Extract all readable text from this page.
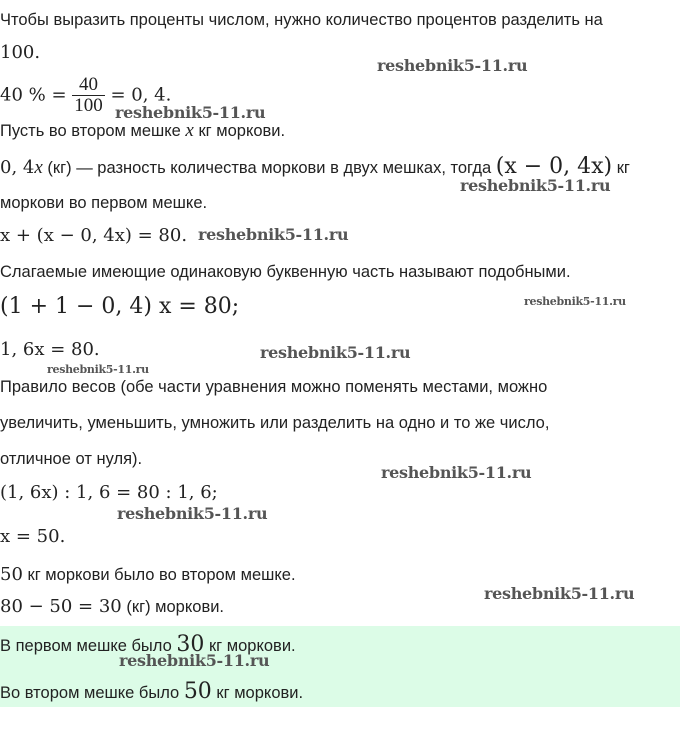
Чтобы выразить проценты числом, нужно количество процентов разделить на
100.
40 % = $\frac{40}{100} = 0$, 4.
Пусть во втором мешке x кг моркови.
0, 4x (кг) — разность количества моркови в двух мешках, тогда (x − 0, 4x) кг
моркови во первом мешке.
x + (x − 0, 4x) = 80.
Слагаемые имеющие одинаковую буквенную часть называют подобными.
(1 + 1 − 0, 4) x = 80;
1, 6x = 80.
Правило весов (обе части уравнения можно поменять местами, можно
увеличить, уменьшить, умножить или разделить на одно и то же число,
отличное от нуля).
(1, 6x) : 1, 6 = 80 : 1, 6;
x = 50.
50 кг моркови было во втором мешке.
80 − 50 = 30 (кг) моркови.
В первом мешке было 30 кг моркови.
Во втором мешке было 50 кг моркови.
reshebnik5-11.ru
reshebnik5-11.ru
reshebnik5-11.ru
reshebnik5-11.ru
reshebnik5-11.ru
reshebnik5-11.ru
reshebnik5-11.ru
reshebnik5-11.ru
reshebnik5-11.ru
reshebnik5-11.ru
reshebnik5-11.ru
